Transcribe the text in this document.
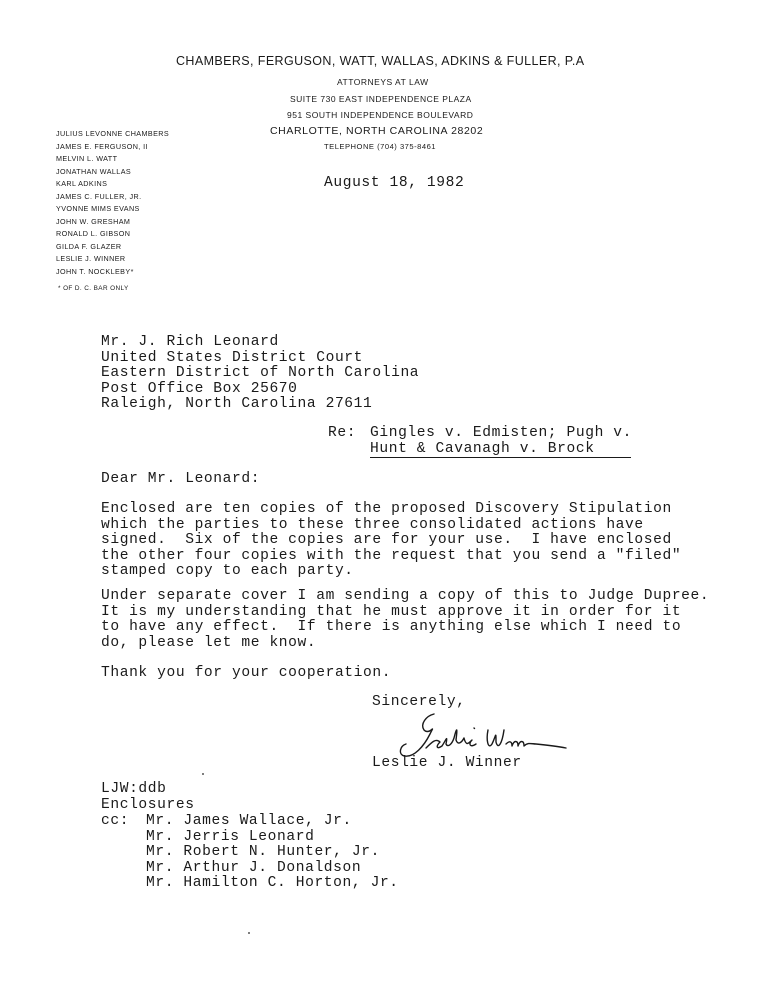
CHAMBERS, FERGUSON, WATT, WALLAS, ADKINS & FULLER, P.A
ATTORNEYS AT LAW
SUITE 730 EAST INDEPENDENCE PLAZA
951 SOUTH INDEPENDENCE BOULEVARD
CHARLOTTE, NORTH CAROLINA 28202
TELEPHONE (704) 375-8461
JULIUS LEVONNE CHAMBERS
JAMES E. FERGUSON, II
MELVIN L. WATT
JONATHAN WALLAS
KARL ADKINS
JAMES C. FULLER, JR.
YVONNE MIMS EVANS
JOHN W. GRESHAM
RONALD L. GIBSON
GILDA F. GLAZER
LESLIE J. WINNER
JOHN T. NOCKLEBY*
* OF D. C. BAR ONLY
August 18, 1982
Mr. J. Rich Leonard
United States District Court
Eastern District of North Carolina
Post Office Box 25670
Raleigh, North Carolina 27611
Re: Gingles v. Edmisten; Pugh v.
Hunt & Cavanagh v. Brock
Dear Mr. Leonard:
Enclosed are ten copies of the proposed Discovery Stipulation
which the parties to these three consolidated actions have
signed.  Six of the copies are for your use.  I have enclosed
the other four copies with the request that you send a "filed"
stamped copy to each party.
Under separate cover I am sending a copy of this to Judge Dupree.
It is my understanding that he must approve it in order for it
to have any effect.  If there is anything else which I need to
do, please let me know.
Thank you for your cooperation.
Sincerely,
Leslie J. Winner
LJW:ddb
Enclosures
cc: Mr. James Wallace, Jr.
Mr. Jerris Leonard
Mr. Robert N. Hunter, Jr.
Mr. Arthur J. Donaldson
Mr. Hamilton C. Horton, Jr.
